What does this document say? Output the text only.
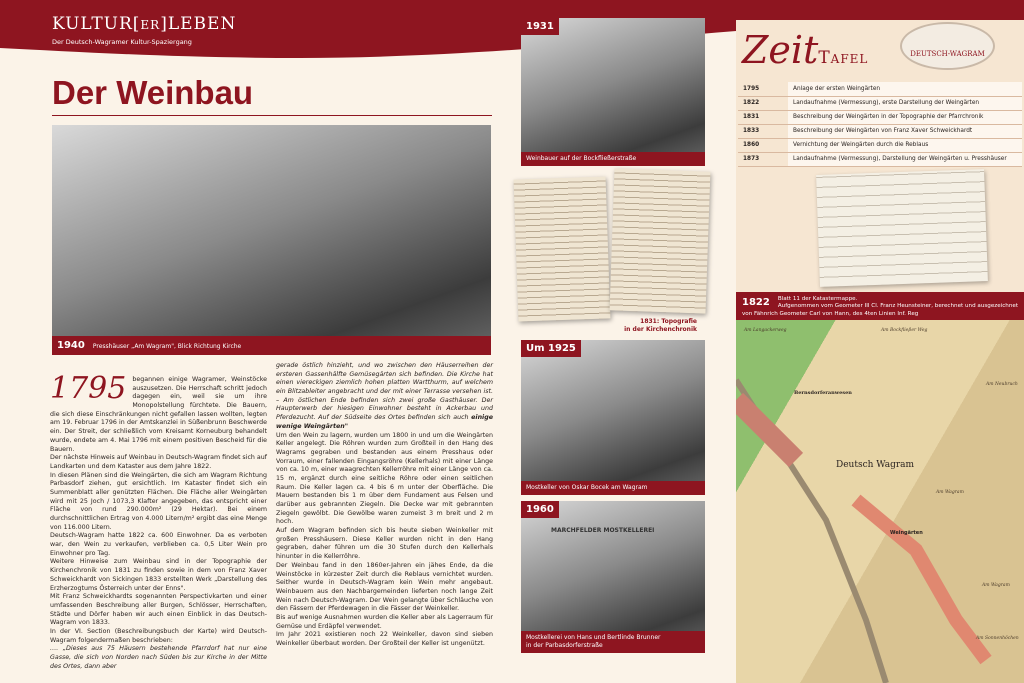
KULTUR[er]LEBEN
Der Deutsch-Wagramer Kultur-Spaziergang
Der Weinbau
1940 Presshäuser „Am Wagram", Blick Richtung Kirche
1795 begannen einige Wagramer, Weinstöcke auszusetzen. Die Herrschaft schritt jedoch dagegen ein, weil sie um ihre Monopolstellung fürchtete. Die Bauern, die sich diese Einschränkungen nicht gefallen lassen wollten, legten am 19. Februar 1796 in der Amtskanzlei in Süßenbrunn Beschwerde ein. Der Streit, der schließlich vom Kreisamt Korneuburg behandelt wurde, endete am 4. Mai 1796 mit einem positiven Bescheid für die Bauern.

Der nächste Hinweis auf Weinbau in Deutsch-Wagram findet sich auf Landkarten und dem Kataster aus dem Jahre 1822.

In diesen Plänen sind die Weingärten, die sich am Wagram Richtung Parbasdorf ziehen, gut ersichtlich. Im Kataster findet sich ein Summenblatt aller genützten Flächen. Die Fläche aller Weingärten wird mit 25 Joch / 1073,3 Klafter angegeben, das entspricht einer Fläche von rund 290.000m² (29 Hektar). Bei einem durchschnittlichen Ertrag von 4.000 Litern/m² ergibt das eine Menge von 116.000 Litern.

Deutsch-Wagram hatte 1822 ca. 600 Einwohner. Da es verboten war, den Wein zu verkaufen, verblieben ca. 0,5 Liter Wein pro Einwohner pro Tag.

Weitere Hinweise zum Weinbau sind in der Topographie der Kirchenchronik von 1831 zu finden sowie in dem von Franz Xaver Schweickhardt von Sickingen 1833 erstellten Werk „Darstellung des Erzherzogtums Österreich unter der Enns".

Mit Franz Schweickhardts sogenannten Perspectivkarten und einer umfassenden Beschreibung aller Burgen, Schlösser, Herrschaften, Städte und Dörfer haben wir auch einen Einblick in das Deutsch-Wagram von 1833.

In der VI. Section (Beschreibungsbuch der Karte) wird Deutsch-Wagram folgendermaßen beschrieben:

…. „Dieses aus 75 Häusern bestehende Pfarrdorf hat nur eine Gasse, die sich von Norden nach Süden bis zur Kirche in der Mitte des Ortes, dann aber

gerade östlich hinzieht, und wo zwischen den Häuserreihen der ersteren Gassenhälfte Gemüsegärten sich befinden. Die Kirche hat einen viereckigen ziemlich hohen platten Wartthurm, auf welchem ein Blitzableiter angebracht und der mit einer Terrasse versehen ist. – Am östlichen Ende befinden sich zwei große Gasthäuser. Der Haupterwerb der hiesigen Einwohner besteht in Ackerbau und Pferdezucht. Auf der Südseite des Ortes befinden sich auch einige wenige Weingärten"

Um den Wein zu lagern, wurden um 1800 in und um die Weingärten Keller angelegt. Die Röhren wurden zum Großteil in den Hang des Wagrams gegraben und bestanden aus einem Presshaus oder Vorraum, einer fallenden Eingangsröhre (Kellerhals) mit einer Länge von ca. 10 m, einer waagrechten Kellerröhre mit einer Länge von ca. 15 m, ergänzt durch eine seitliche Röhre oder einen seitlichen Raum. Die Keller lagen ca. 4 bis 6 m unter der Oberfläche. Die Mauern bestanden bis 1 m über dem Fundament aus Felsen und darüber aus gebrannten Ziegeln. Die Decke war mit gebrannten Ziegeln gewölbt. Die Gewölbe waren zumeist 3 m breit und 2 m hoch.

Auf dem Wagram befinden sich bis heute sieben Weinkeller mit großen Presshäusern. Diese Keller wurden nicht in den Hang gegraben, daher führen um die 30 Stufen durch den Kellerhals hinunter in die Kellerröhre.

Der Weinbau fand in den 1860er-Jahren ein jähes Ende, da die Weinstöcke in kürzester Zeit durch die Reblaus vernichtet wurden. Seither wurde in Deutsch-Wagram kein Wein mehr angebaut. Weinbauern aus den Nachbargemeinden lieferten noch lange Zeit Wein nach Deutsch-Wagram. Der Wein gelangte über Schläuche von den Fässern der Pferdewagen in die Fässer der Weinkeller.

Bis auf wenige Ausnahmen wurden die Keller aber als Lagerraum für Gemüse und Erdäpfel verwendet.

Im Jahr 2021 existieren noch 22 Weinkeller, davon sind sieben Weinkeller überbaut worden. Der Großteil der Keller ist ungenützt.

1931
Weinbauer auf der Bockfließerstraße
1831: Topografie
in der Kirchenchronik
Um 1925
Mostkeller von Oskar Bocek am Wagram
1960
MARCHFELDER MOSTKELLEREI
Mostkellerei von Hans und Bertlinde Brunner
in der Parbasdorferstraße
ZeitTafel	DEUTSCH-WAGRAM
1795	Anlage der ersten Weingärten
1822	Landaufnahme (Vermessung), erste Darstellung der Weingärten
1831	Beschreibung der Weingärten in der Topographie der Pfarrchronik
1833	Beschreibung der Weingärten von Franz Xaver Schweickhardt
1860	Vernichtung der Weingärten durch die Reblaus
1873	Landaufnahme (Vermessung), Darstellung der Weingärten u. Presshäuser
1822	Blatt 11 der Katastermappe.
Aufgenommen vom Geometer III Cl. Franz Heunsteiner, berechnet und ausgezeichnet
von Fähnrich Geometer Carl von Hann, des 4ten Linien Inf. Reg
Deutsch Wagram
Weingärten
Bernsdorferanwesen
Am Langackerweg	Am Bockfließer Weg
Am Wagram
Am Wagram
Am Neubruch
Am Sonnenhöchen
